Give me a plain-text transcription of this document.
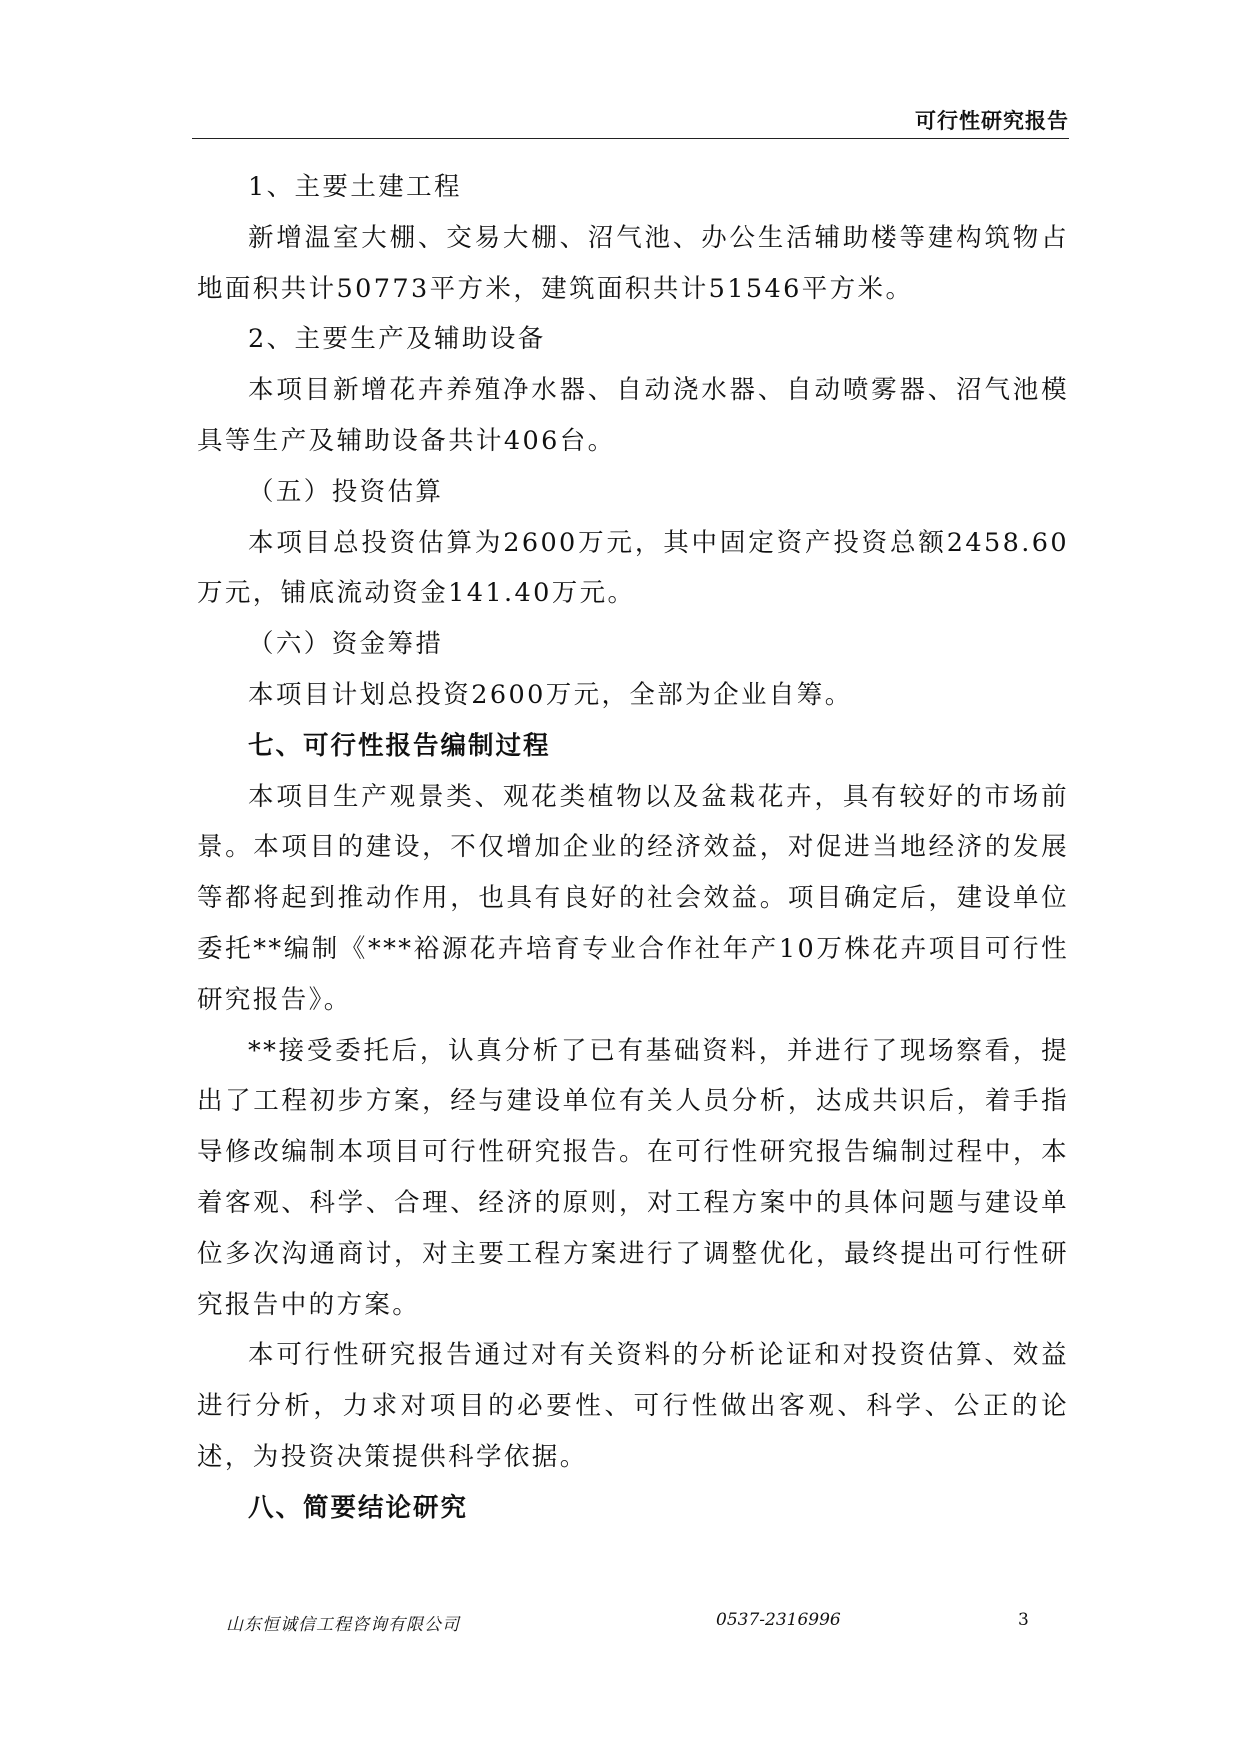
可行性研究报告

1、主要土建工程

新增温室大棚、交易大棚、沼气池、办公生活辅助楼等建构筑物占地面积共计50773平方米，建筑面积共计51546平方米。

2、主要生产及辅助设备

本项目新增花卉养殖净水器、自动浇水器、自动喷雾器、沼气池模具等生产及辅助设备共计406台。

（五）投资估算

本项目总投资估算为2600万元，其中固定资产投资总额2458.60万元，铺底流动资金141.40万元。

（六）资金筹措

本项目计划总投资2600万元，全部为企业自筹。

七、可行性报告编制过程

本项目生产观景类、观花类植物以及盆栽花卉，具有较好的市场前景。本项目的建设，不仅增加企业的经济效益，对促进当地经济的发展等都将起到推动作用，也具有良好的社会效益。项目确定后，建设单位委托**编制《***裕源花卉培育专业合作社年产10万株花卉项目可行性研究报告》。

**接受委托后，认真分析了已有基础资料，并进行了现场察看，提出了工程初步方案，经与建设单位有关人员分析，达成共识后，着手指导修改编制本项目可行性研究报告。在可行性研究报告编制过程中，本着客观、科学、合理、经济的原则，对工程方案中的具体问题与建设单位多次沟通商讨，对主要工程方案进行了调整优化，最终提出可行性研究报告中的方案。

本可行性研究报告通过对有关资料的分析论证和对投资估算、效益进行分析，力求对项目的必要性、可行性做出客观、科学、公正的论述，为投资决策提供科学依据。

八、简要结论研究

山东恒诚信工程咨询有限公司	0537-2316996	3
